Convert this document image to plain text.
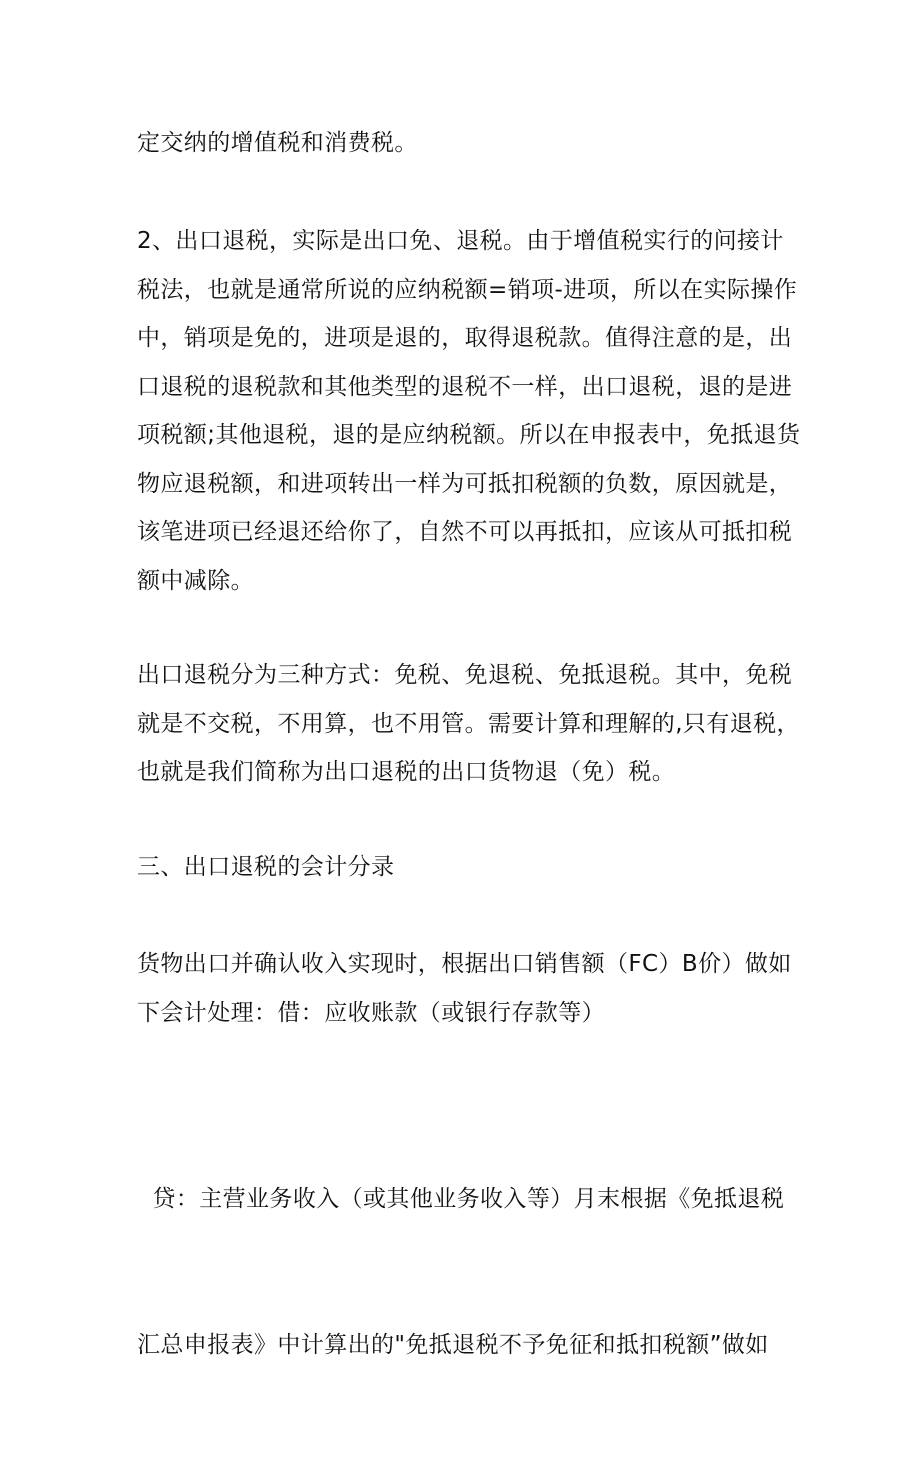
定交纳的增值税和消费税。

2、出口退税，实际是出口免、退税。由于增值税实行的问接计
税法，也就是通常所说的应纳税额=销项-进项，所以在实际操作
中，销项是免的，进项是退的，取得退税款。值得注意的是，出
口退税的退税款和其他类型的退税不一样，出口退税，退的是进
项税额;其他退税，退的是应纳税额。所以在申报表中，免抵退货
物应退税额，和进项转出一样为可抵扣税额的负数，原因就是，
该笔进项已经退还给你了，自然不可以再抵扣，应该从可抵扣税
额中减除。

出口退税分为三种方式：免税、免退税、免抵退税。其中，免税
就是不交税，不用算，也不用管。需要计算和理解的,只有退税，
也就是我们简称为出口退税的出口货物退（免）税。

三、出口退税的会计分录

货物出口并确认收入实现时，根据出口销售额（FC）B价）做如
下会计处理：借：应收账款（或银行存款等）

贷：主营业务收入（或其他业务收入等）月末根据《免抵退税

汇总申报表》中计算出的"免抵退税不予免征和抵扣税额”做如
